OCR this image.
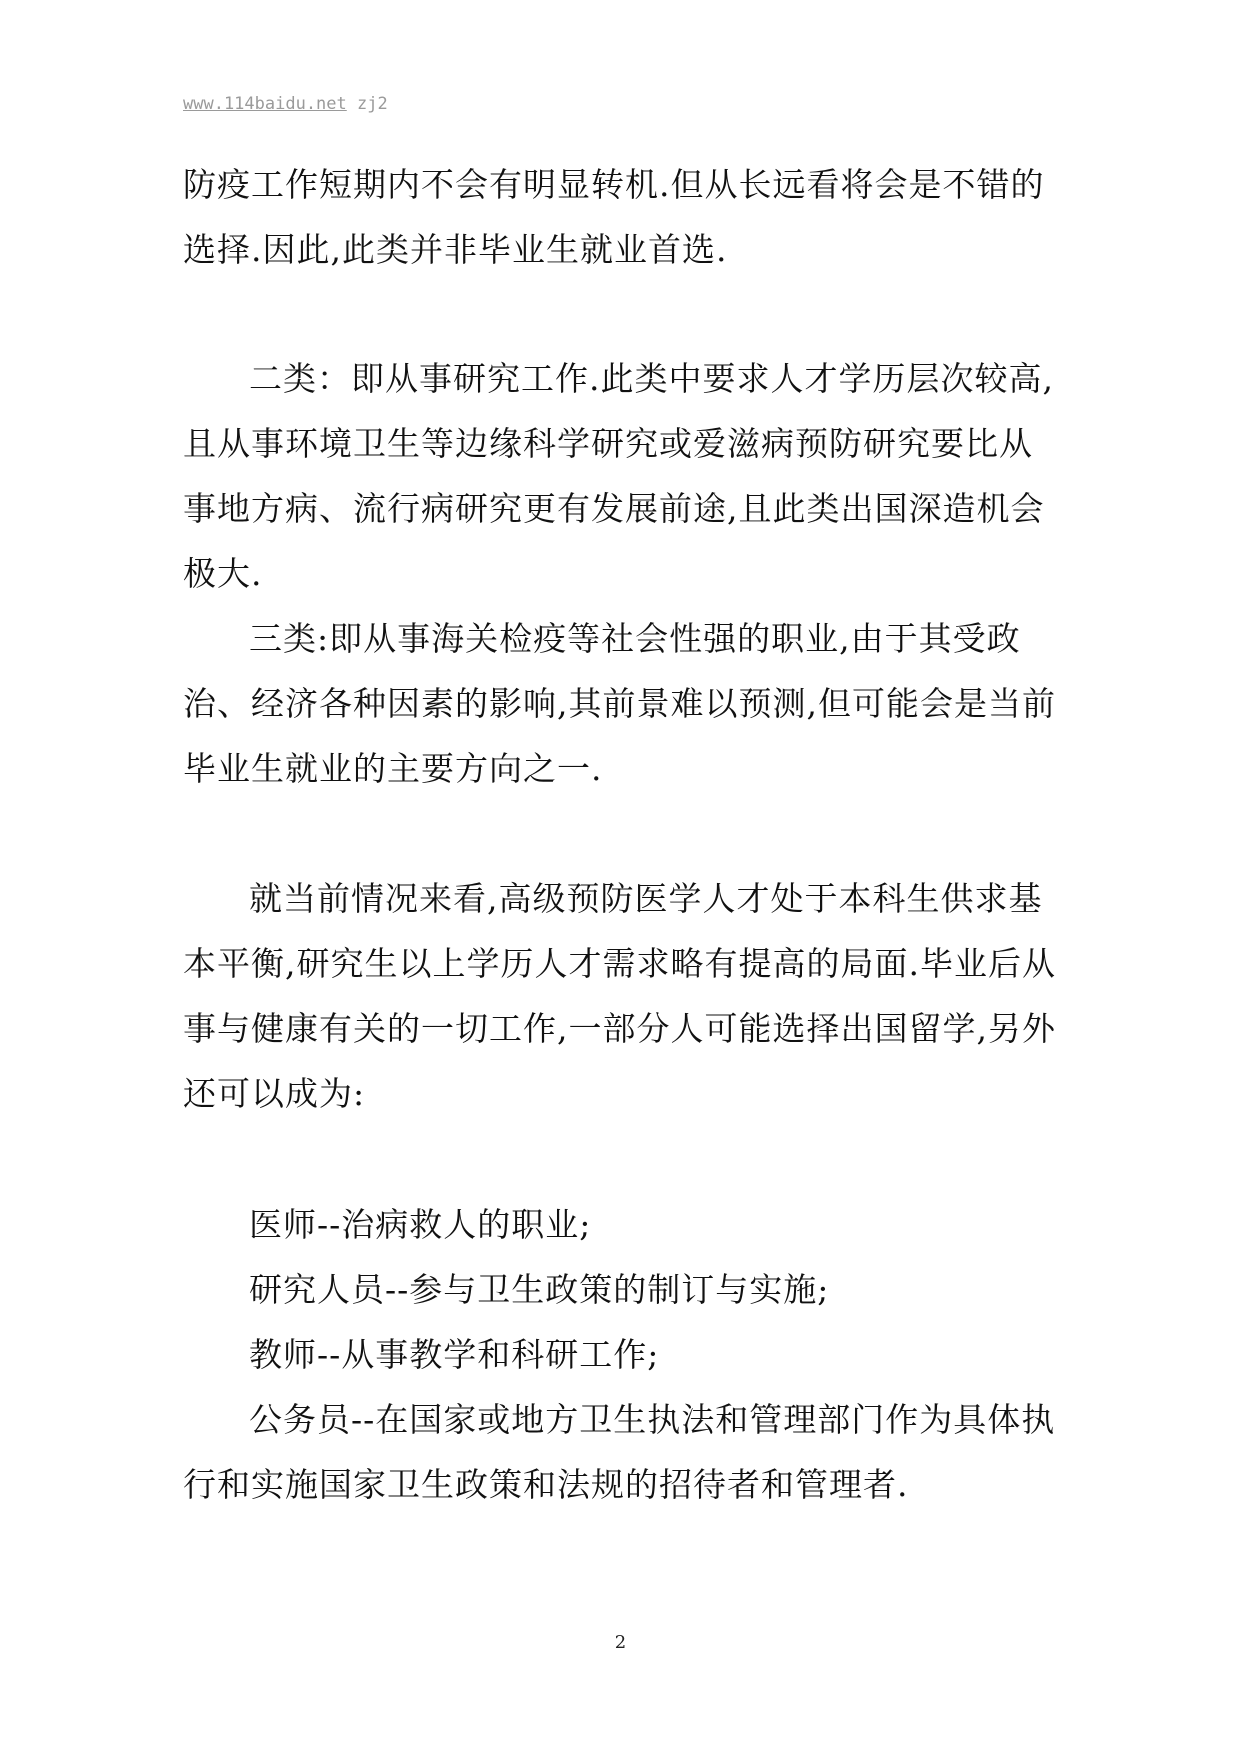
www.114baidu.net zj2

防疫工作短期内不会有明显转机.但从长远看将会是不错的选择.因此,此类并非毕业生就业首选.

二类：即从事研究工作.此类中要求人才学历层次较高,且从事环境卫生等边缘科学研究或爱滋病预防研究要比从事地方病、流行病研究更有发展前途,且此类出国深造机会极大.

三类:即从事海关检疫等社会性强的职业,由于其受政治、经济各种因素的影响,其前景难以预测,但可能会是当前毕业生就业的主要方向之一.

就当前情况来看,高级预防医学人才处于本科生供求基本平衡,研究生以上学历人才需求略有提高的局面.毕业后从事与健康有关的一切工作,一部分人可能选择出国留学,另外还可以成为:

医师--治病救人的职业;
研究人员--参与卫生政策的制订与实施;
教师--从事教学和科研工作;
公务员--在国家或地方卫生执法和管理部门作为具体执行和实施国家卫生政策和法规的招待者和管理者.
2
